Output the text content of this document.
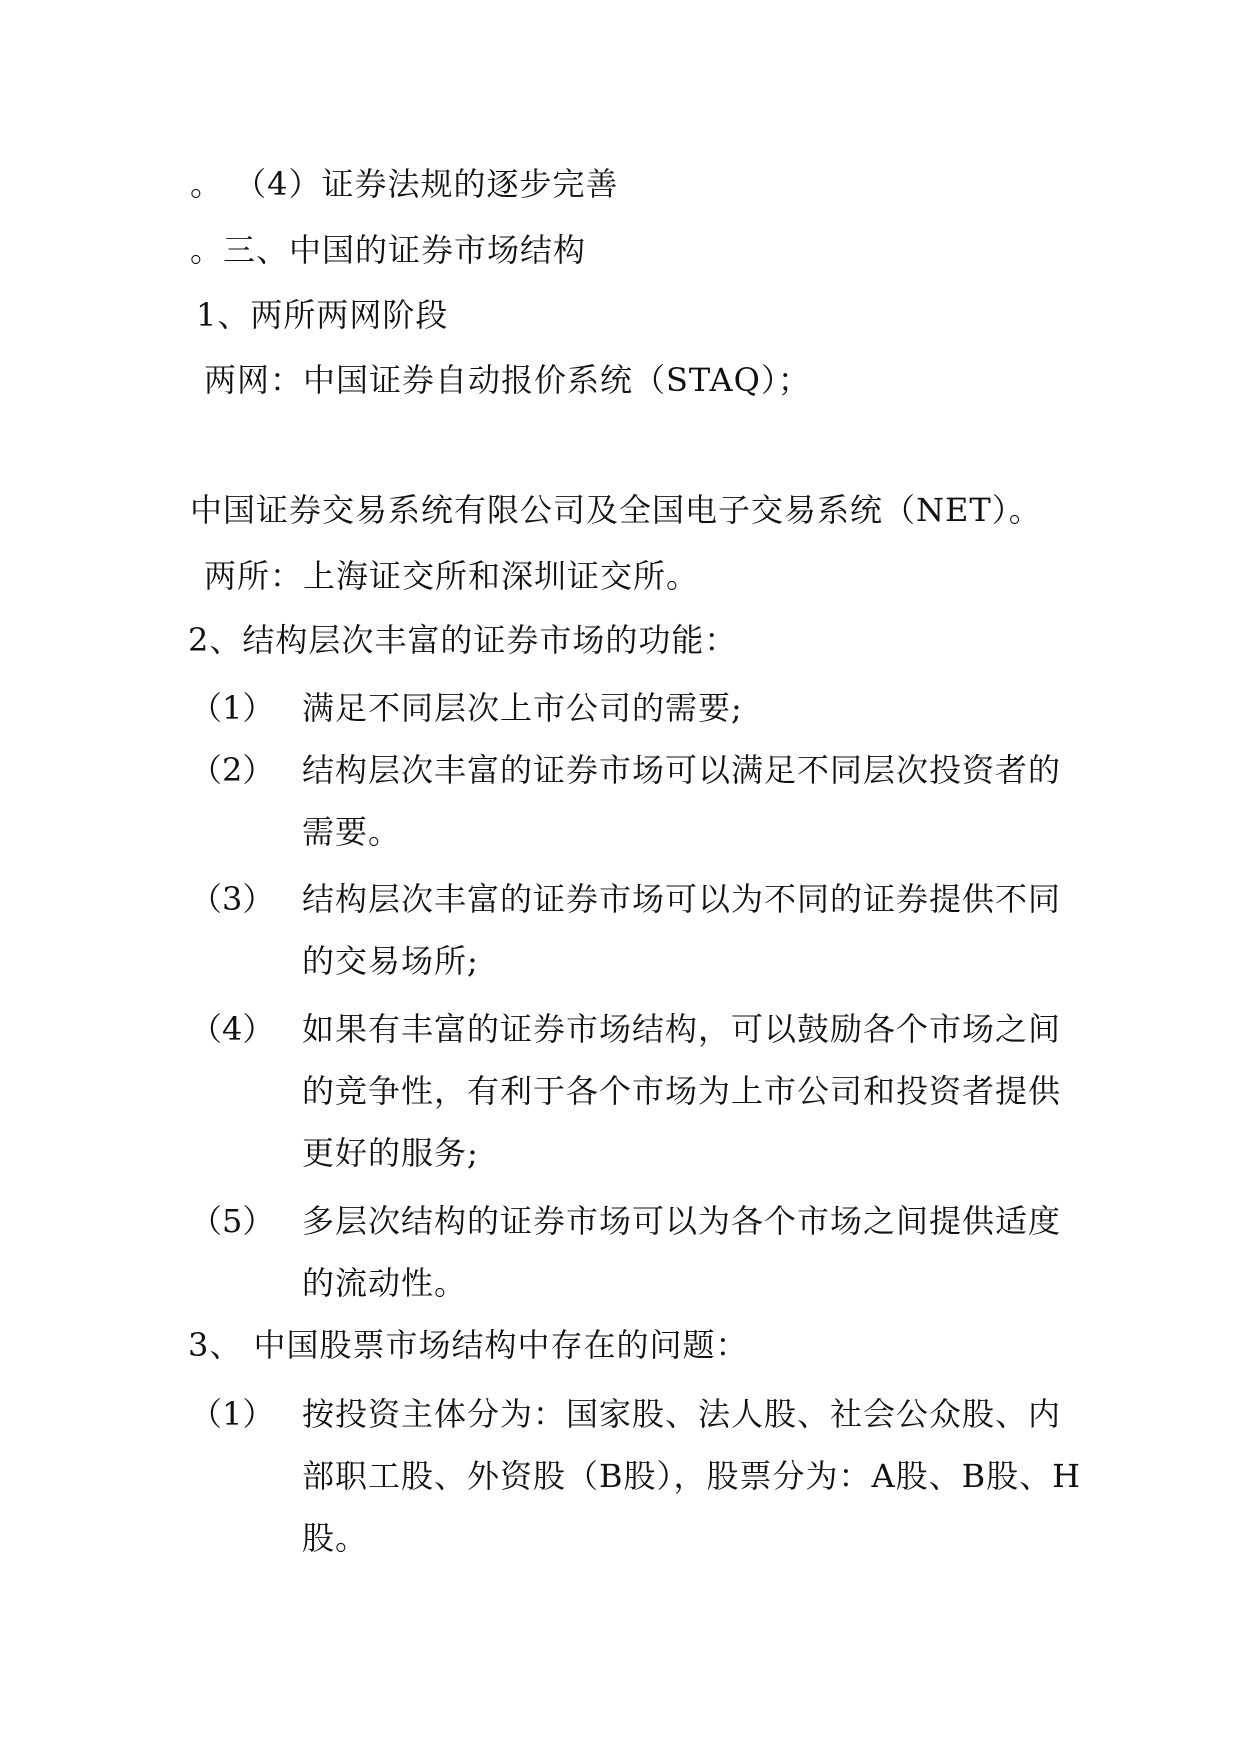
。 （4）证券法规的逐步完善
。三、中国的证券市场结构
1、两所两网阶段
两网：中国证券自动报价系统（STAQ）；
中国证券交易系统有限公司及全国电子交易系统（NET）。
两所：上海证交所和深圳证交所。
2、结构层次丰富的证券市场的功能：
（1） 满足不同层次上市公司的需要;
（2） 结构层次丰富的证券市场可以满足不同层次投资者的需要。
（3） 结构层次丰富的证券市场可以为不同的证券提供不同的交易场所;
（4） 如果有丰富的证券市场结构，可以鼓励各个市场之间的竞争性，有利于各个市场为上市公司和投资者提供更好的服务;
（5） 多层次结构的证券市场可以为各个市场之间提供适度的流动性。
3、 中国股票市场结构中存在的问题：
（1） 按投资主体分为：国家股、法人股、社会公众股、内部职工股、外资股（B股），股票分为：A股、B股、H股。
